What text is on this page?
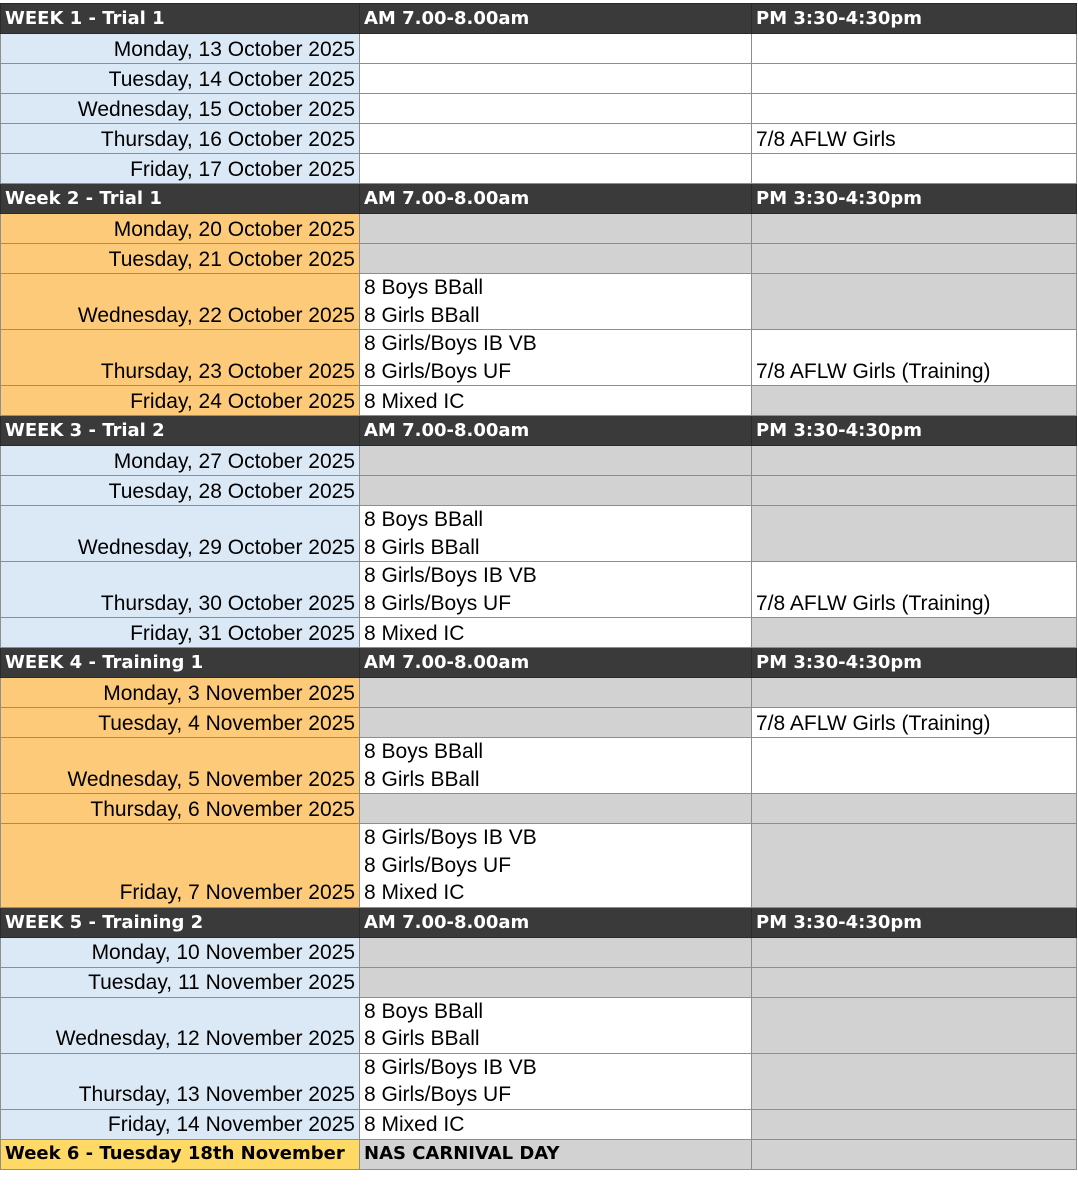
WEEK 1 - Trial 1	AM 7.00-8.00am	PM 3:30-4:30pm
Monday, 13 October 2025		
Tuesday, 14 October 2025		
Wednesday, 15 October 2025		
Thursday, 16 October 2025		7/8 AFLW Girls

Friday, 17 October 2025		
Week 2 - Trial 1	AM 7.00-8.00am	PM 3:30-4:30pm
Monday, 20 October 2025		
Tuesday, 21 October 2025		
Wednesday, 22 October 2025	8 Boys BBall
8 Girls BBall	

Thursday, 23 October 2025	8 Girls/Boys IB VB
8 Girls/Boys UF	7/8 AFLW Girls (Training)

Friday, 24 October 2025	8 Mixed IC	

WEEK 3 - Trial 2	AM 7.00-8.00am	PM 3:30-4:30pm
Monday, 27 October 2025		
Tuesday, 28 October 2025		
Wednesday, 29 October 2025	8 Boys BBall
8 Girls BBall	

Thursday, 30 October 2025	8 Girls/Boys IB VB
8 Girls/Boys UF	7/8 AFLW Girls (Training)

Friday, 31 October 2025	8 Mixed IC	

WEEK 4 - Training 1	AM 7.00-8.00am	PM 3:30-4:30pm
Monday, 3 November 2025		
Tuesday, 4 November 2025		7/8 AFLW Girls (Training)

Wednesday, 5 November 2025	8 Boys BBall
8 Girls BBall	

Thursday, 6 November 2025		
Friday, 7 November 2025	8 Girls/Boys IB VB
8 Girls/Boys UF
8 Mixed IC	

WEEK 5 - Training 2	AM 7.00-8.00am	PM 3:30-4:30pm
Monday, 10 November 2025		
Tuesday, 11 November 2025		
Wednesday, 12 November 2025	8 Boys BBall
8 Girls BBall	

Thursday, 13 November 2025	8 Girls/Boys IB VB
8 Girls/Boys UF	

Friday, 14 November 2025	8 Mixed IC	

Week 6 - Tuesday 18th November	NAS CARNIVAL DAY	
